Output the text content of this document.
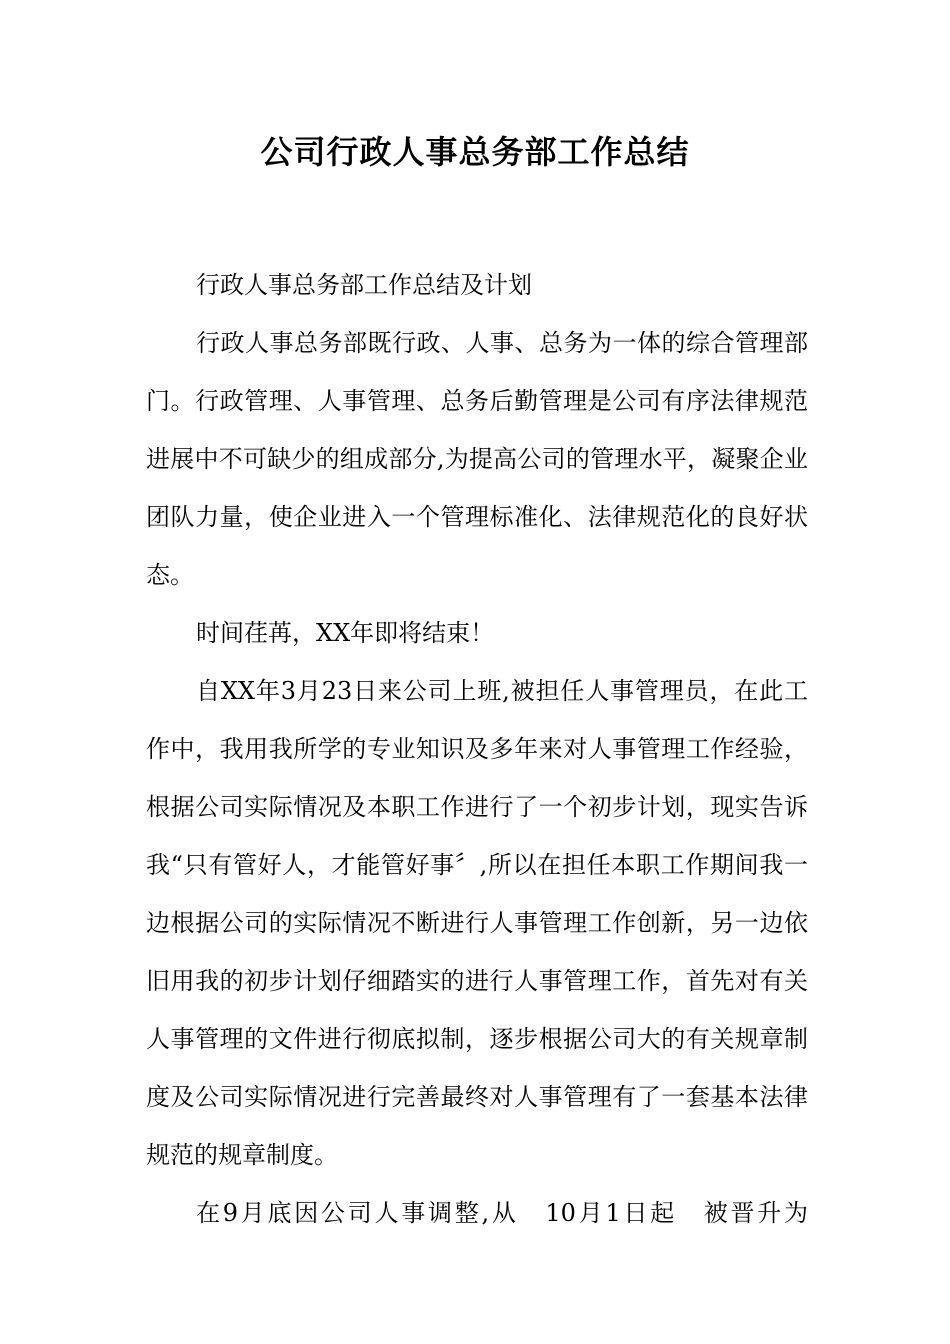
公司行政人事总务部工作总结

行政人事总务部工作总结及计划

行政人事总务部既行政、人事、总务为一体的综合管理部门。行政管理、人事管理、总务后勤管理是公司有序法律规范进展中不可缺少的组成部分,为提高公司的管理水平，凝聚企业团队力量，使企业进入一个管理标准化、法律规范化的良好状态。

时间荏苒，XX年即将结束！

自XX年3月23日来公司上班,被担任人事管理员，在此工作中，我用我所学的专业知识及多年来对人事管理工作经验，根据公司实际情况及本职工作进行了一个初步计划，现实告诉我“只有管好人，才能管好事〞,所以在担任本职工作期间我一边根据公司的实际情况不断进行人事管理工作创新，另一边依旧用我的初步计划仔细踏实的进行人事管理工作，首先对有关人事管理的文件进行彻底拟制，逐步根据公司大的有关规章制度及公司实际情况进行完善最终对人事管理有了一套基本法律规范的规章制度。

在9月底因公司人事调整,从　10月1日起　被晋升为
